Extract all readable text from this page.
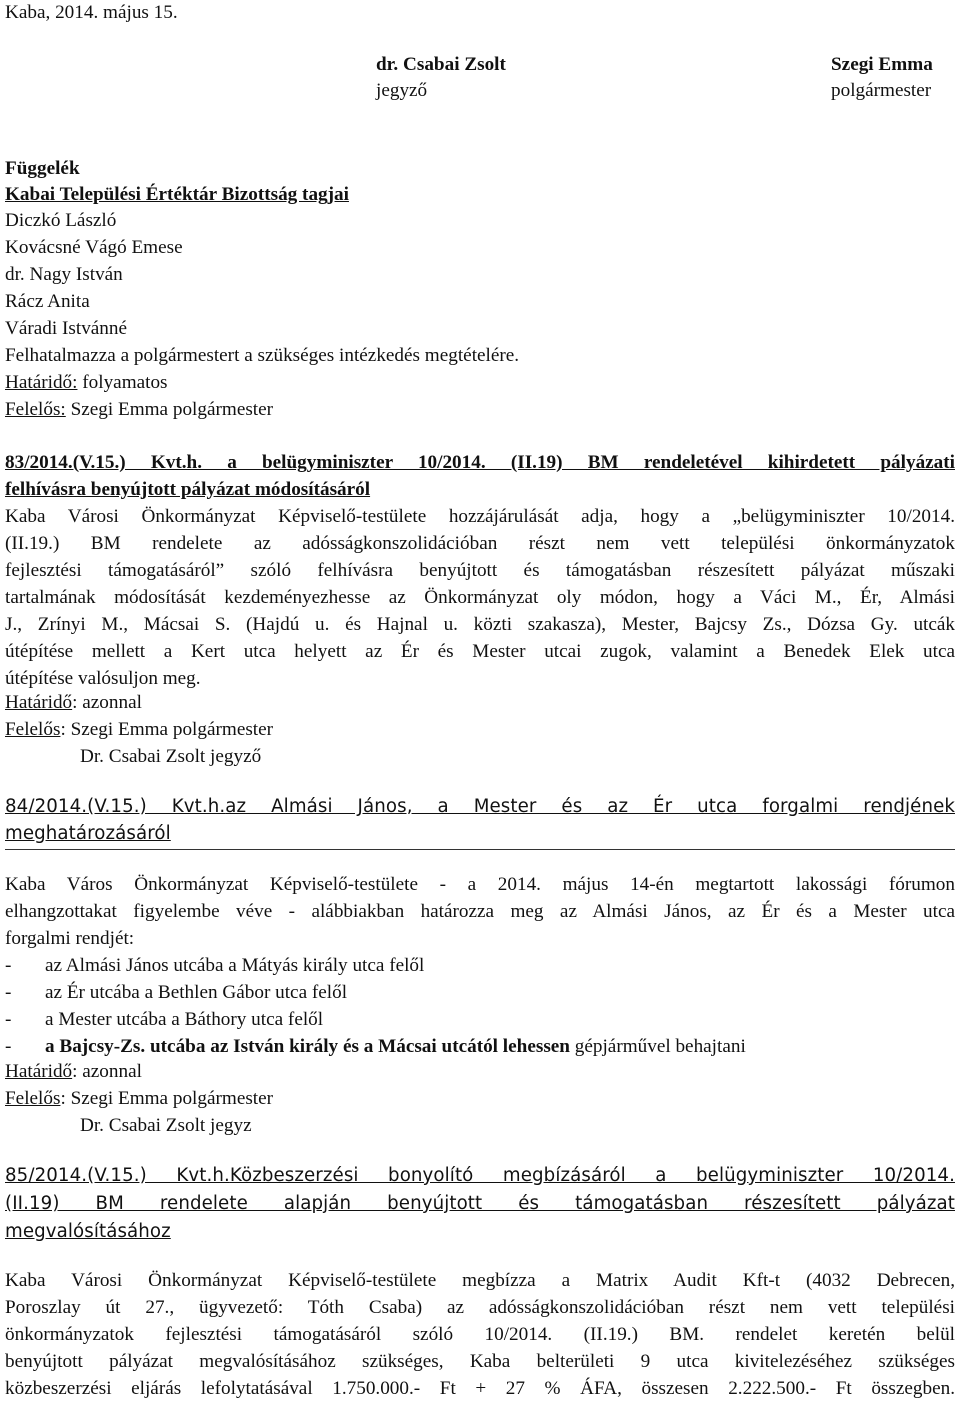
Kaba, 2014. május 15.
dr. Csabai Zsolt
jegyző
Szegi Emma
polgármester
Függelék
Kabai Települési Értéktár Bizottság tagjai
Diczkó László
Kovácsné Vágó Emese
dr. Nagy István
Rácz Anita
Váradi Istvánné
Felhatalmazza a polgármestert a szükséges intézkedés megtételére.
Határidő: folyamatos
Felelős: Szegi Emma polgármester
83/2014.(V.15.) Kvt.h. a belügyminiszter 10/2014. (II.19) BM rendeletével kihirdetett pályázati
felhívásra benyújtott pályázat módosításáról
Kaba Városi Önkormányzat Képviselő-testülete hozzájárulását adja, hogy a „belügyminiszter 10/2014.
(II.19.) BM rendelete az adósságkonszolidációban részt nem vett települési önkormányzatok
fejlesztési támogatásáról” szóló felhívásra benyújtott és támogatásban részesített pályázat műszaki
tartalmának módosítását kezdeményezhesse az Önkormányzat oly módon, hogy a Váci M., Ér, Almási
J., Zrínyi M., Mácsai S. (Hajdú u. és Hajnal u. közti szakasza), Mester, Bajcsy Zs., Dózsa Gy. utcák
útépítése mellett a Kert utca helyett az Ér és Mester utcai zugok, valamint a Benedek Elek utca
útépítése valósuljon meg.
Határidő: azonnal
Felelős: Szegi Emma polgármester
Dr. Csabai Zsolt jegyző
84/2014.(V.15.) Kvt.h.az Almási János, a Mester és az Ér utca forgalmi rendjének
meghatározásáról
Kaba Város Önkormányzat Képviselő-testülete - a 2014. május 14-én megtartott lakossági fórumon
elhangzottakat figyelembe véve - alábbiakban határozza meg az Almási János, az Ér és a Mester utca
forgalmi rendjét:
- az Almási János utcába a Mátyás király utca felől
- az Ér utcába a Bethlen Gábor utca felől
- a Mester utcába a Báthory utca felől
- a Bajcsy-Zs. utcába az István király és a Mácsai utcától lehessen gépjárművel behajtani
Határidő: azonnal
Felelős: Szegi Emma polgármester
Dr. Csabai Zsolt jegyz
85/2014.(V.15.) Kvt.h.Közbeszerzési bonyolító megbízásáról a belügyminiszter 10/2014.
(II.19) BM rendelete alapján benyújtott és támogatásban részesített pályázat
megvalósításához
Kaba Városi Önkormányzat Képviselő-testülete megbízza a Matrix Audit Kft-t (4032 Debrecen,
Poroszlay út 27., ügyvezető: Tóth Csaba) az adósságkonszolidációban részt nem vett települési
önkormányzatok fejlesztési támogatásáról szóló 10/2014. (II.19.) BM. rendelet keretén belül
benyújtott pályázat megvalósításához szükséges, Kaba belterületi 9 utca kivitelezéséhez szükséges
közbeszerzési eljárás lefolytatásával 1.750.000.- Ft + 27 % ÁFA, összesen 2.222.500.- Ft összegben.
